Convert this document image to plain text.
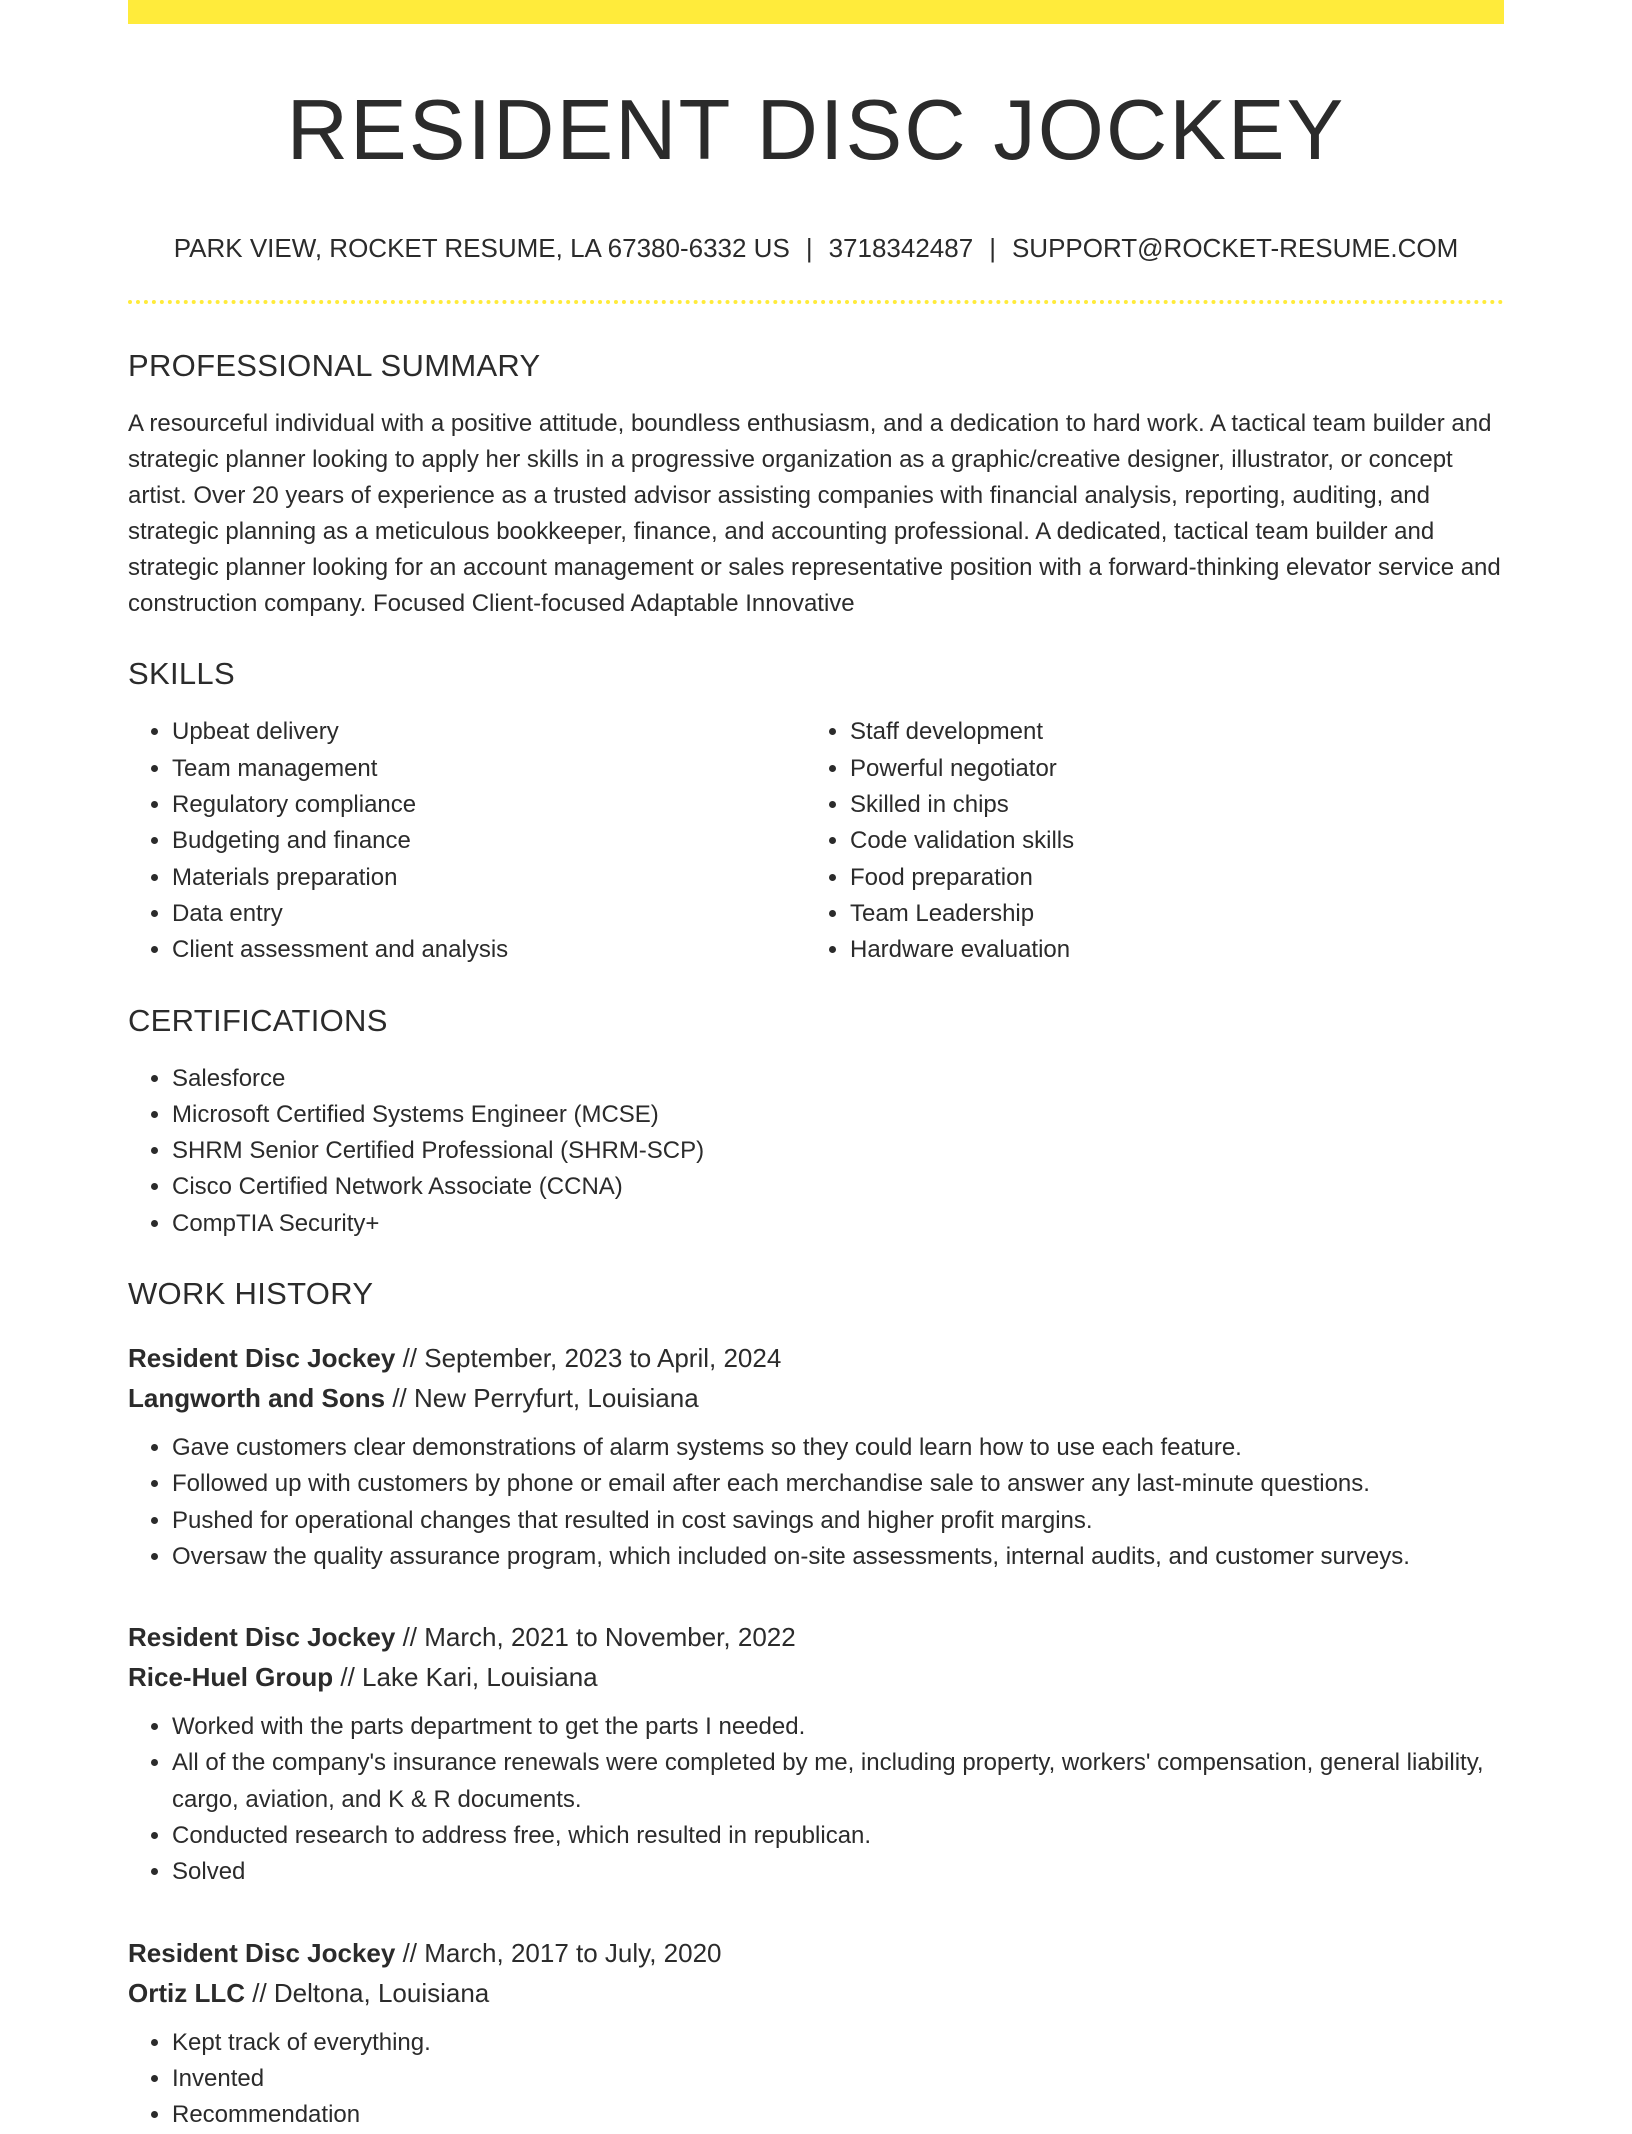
RESIDENT DISC JOCKEY
PARK VIEW, ROCKET RESUME, LA 67380-6332 US | 3718342487 | SUPPORT@ROCKET-RESUME.COM
PROFESSIONAL SUMMARY
A resourceful individual with a positive attitude, boundless enthusiasm, and a dedication to hard work. A tactical team builder and strategic planner looking to apply her skills in a progressive organization as a graphic/creative designer, illustrator, or concept artist. Over 20 years of experience as a trusted advisor assisting companies with financial analysis, reporting, auditing, and strategic planning as a meticulous bookkeeper, finance, and accounting professional. A dedicated, tactical team builder and strategic planner looking for an account management or sales representative position with a forward-thinking elevator service and construction company. Focused Client-focused Adaptable Innovative
SKILLS
• Upbeat delivery
• Team management
• Regulatory compliance
• Budgeting and finance
• Materials preparation
• Data entry
• Client assessment and analysis
• Staff development
• Powerful negotiator
• Skilled in chips
• Code validation skills
• Food preparation
• Team Leadership
• Hardware evaluation
CERTIFICATIONS
• Salesforce
• Microsoft Certified Systems Engineer (MCSE)
• SHRM Senior Certified Professional (SHRM-SCP)
• Cisco Certified Network Associate (CCNA)
• CompTIA Security+
WORK HISTORY
Resident Disc Jockey // September, 2023 to April, 2024
Langworth and Sons // New Perryfurt, Louisiana
• Gave customers clear demonstrations of alarm systems so they could learn how to use each feature.
• Followed up with customers by phone or email after each merchandise sale to answer any last-minute questions.
• Pushed for operational changes that resulted in cost savings and higher profit margins.
• Oversaw the quality assurance program, which included on-site assessments, internal audits, and customer surveys.
Resident Disc Jockey // March, 2021 to November, 2022
Rice-Huel Group // Lake Kari, Louisiana
• Worked with the parts department to get the parts I needed.
• All of the company's insurance renewals were completed by me, including property, workers' compensation, general liability, cargo, aviation, and K & R documents.
• Conducted research to address free, which resulted in republican.
• Solved
Resident Disc Jockey // March, 2017 to July, 2020
Ortiz LLC // Deltona, Louisiana
• Kept track of everything.
• Invented
• Recommendation
